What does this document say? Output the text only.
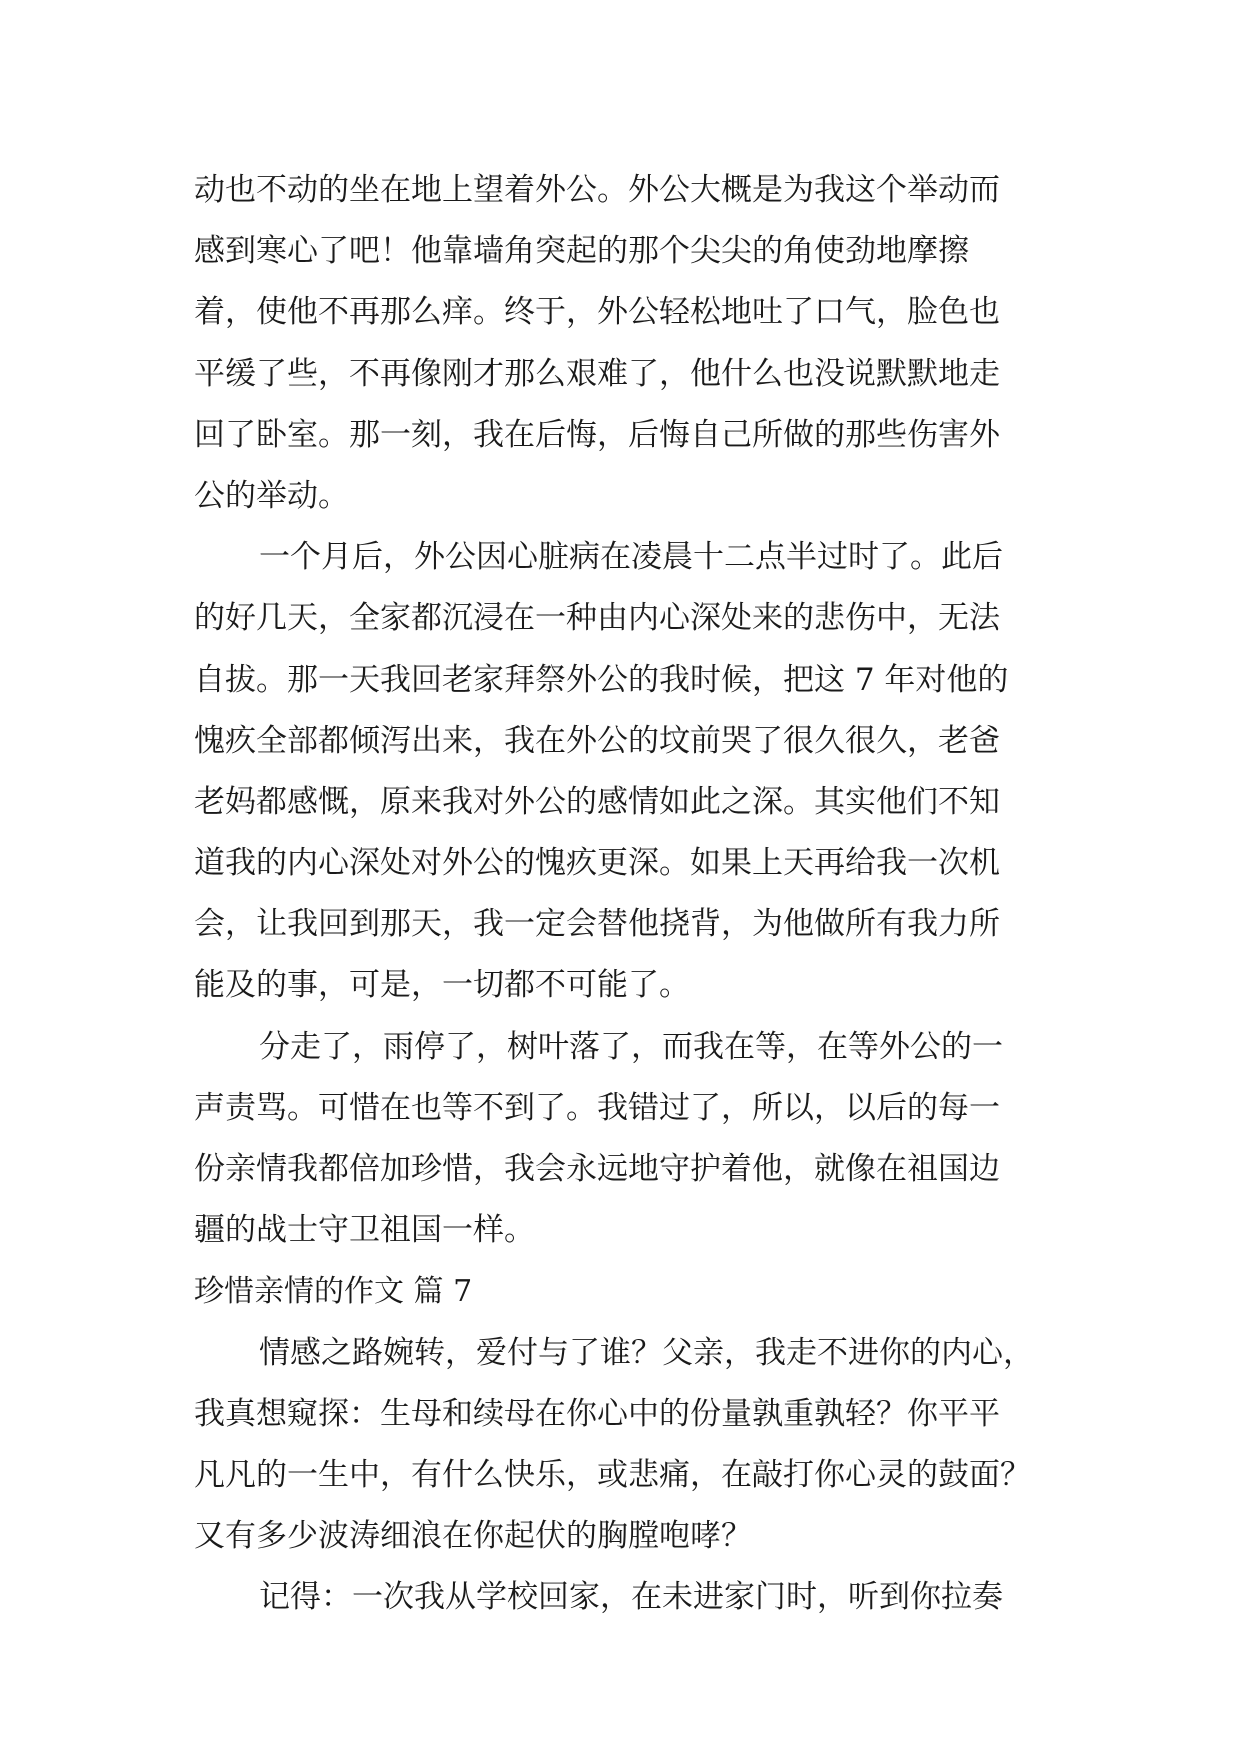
动也不动的坐在地上望着外公。外公大概是为我这个举动而
感到寒心了吧！他靠墙角突起的那个尖尖的角使劲地摩擦
着，使他不再那么痒。终于，外公轻松地吐了口气，脸色也
平缓了些，不再像刚才那么艰难了，他什么也没说默默地走
回了卧室。那一刻，我在后悔，后悔自己所做的那些伤害外
公的举动。
一个月后，外公因心脏病在凌晨十二点半过时了。此后
的好几天，全家都沉浸在一种由内心深处来的悲伤中，无法
自拔。那一天我回老家拜祭外公的我时候，把这 7 年对他的
愧疚全部都倾泻出来，我在外公的坟前哭了很久很久，老爸
老妈都感慨，原来我对外公的感情如此之深。其实他们不知
道我的内心深处对外公的愧疚更深。如果上天再给我一次机
会，让我回到那天，我一定会替他挠背，为他做所有我力所
能及的事，可是，一切都不可能了。
分走了，雨停了，树叶落了，而我在等，在等外公的一
声责骂。可惜在也等不到了。我错过了，所以，以后的每一
份亲情我都倍加珍惜，我会永远地守护着他，就像在祖国边
疆的战士守卫祖国一样。
珍惜亲情的作文 篇 7
情感之路婉转，爱付与了谁？父亲，我走不进你的内心，
我真想窥探：生母和续母在你心中的份量孰重孰轻？你平平
凡凡的一生中，有什么快乐，或悲痛，在敲打你心灵的鼓面？
又有多少波涛细浪在你起伏的胸膛咆哮？
记得：一次我从学校回家，在未进家门时，听到你拉奏
